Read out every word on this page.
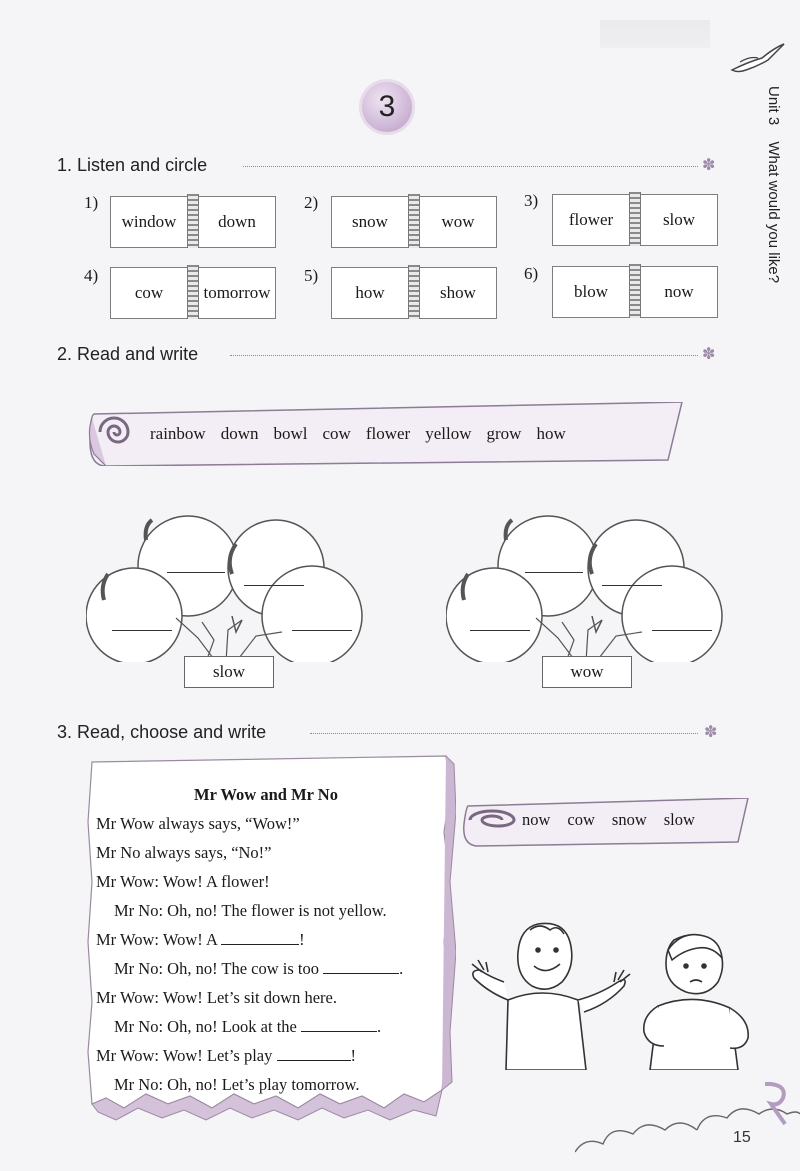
Unit 3 What would you like?
3
1.
Listen and circle	✽
1)
window	down
2)
snow	wow
3)
flower	slow
4)
cow	tomorrow
5)
how	show
6)
blow	now
2.
Read and write	✽
rainbow down bowl cow flower yellow grow how
slow	wow
3.
Read, choose and write	✽
Mr Wow and Mr No
Mr Wow always says, “Wow!”
Mr No always says, “No!”
Mr Wow: Wow! A flower!
Mr No: Oh, no! The flower is not yellow.
Mr Wow: Wow! A	!
Mr No: Oh, no! The cow is too	.
Mr Wow: Wow! Let’s sit down here.
Mr No: Oh, no! Look at the	.
Mr Wow: Wow! Let’s play	!
Mr No: Oh, no! Let’s play tomorrow.
now cow snow slow
15
